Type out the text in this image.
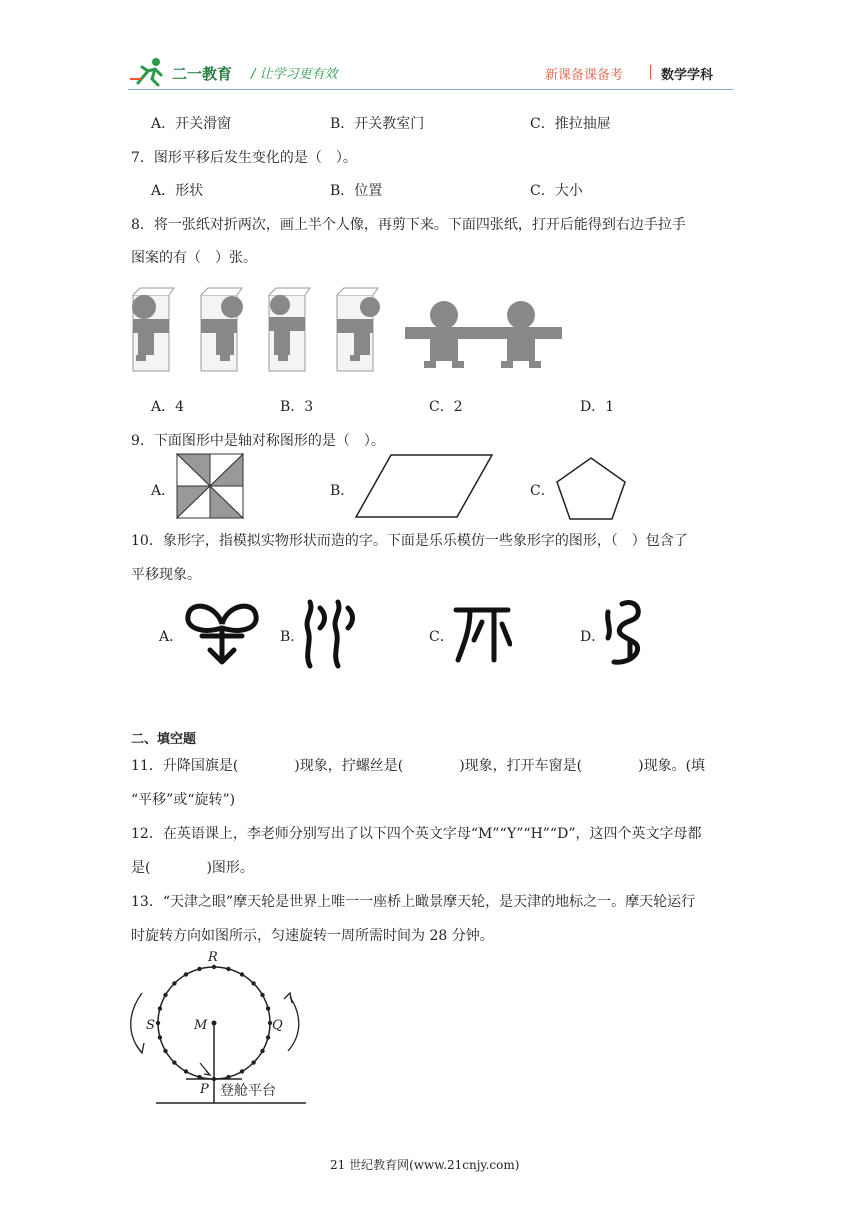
二一教育 / 让学习更有效	新课备课备考	数学学科
A．开关滑窗	B．开关教室门	C．推拉抽屉
7．图形平移后发生变化的是（　）。
A．形状	B．位置	C．大小
8．将一张纸对折两次，画上半个人像，再剪下来。下面四张纸，打开后能得到右边手拉手
图案的有（　）张。
A．4	B．3	C．2	D．1
9．下面图形中是轴对称图形的是（　）。
A．	B．	C．
10．象形字，指模拟实物形状而造的字。下面是乐乐模仿一些象形字的图形，（　）包含了
平移现象。
A．	B．	C．	D．
二、填空题
11．升降国旗是(　　　　)现象，拧螺丝是(　　　　)现象，打开车窗是(　　　　)现象。(填
“平移”或“旋转”)
12．在英语课上，李老师分别写出了以下四个英文字母“M”“Y”“H”“D”，这四个英文字母都
是(　　　　)图形。
13．“天津之眼”摩天轮是世界上唯一一座桥上瞰景摩天轮，是天津的地标之一。摩天轮运行
时旋转方向如图所示，匀速旋转一周所需时间为 28 分钟。
R
S	M	Q
P 登舱平台
21 世纪教育网(www.21cnjy.com)
